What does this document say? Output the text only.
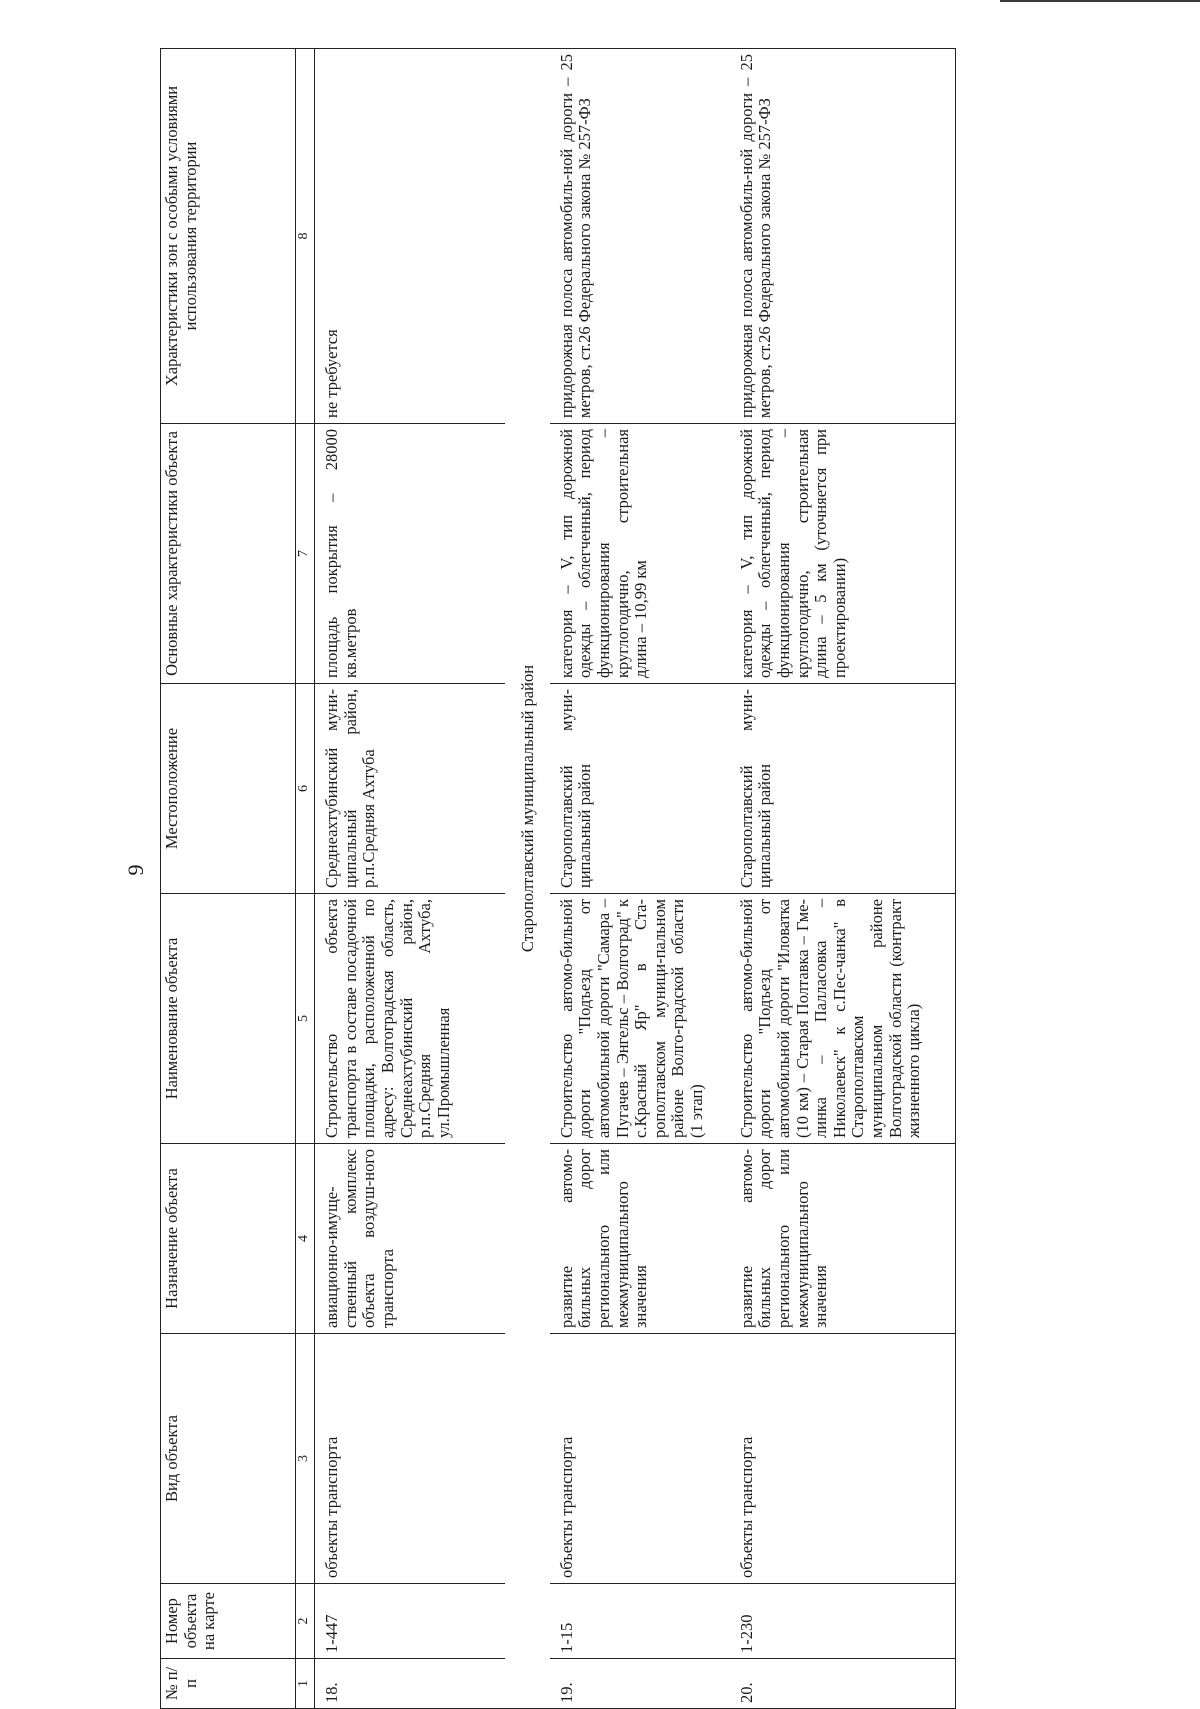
9
№ п/п	Номер объекта на карте	Вид объекта	Назначение объекта	Наименование объекта	Местоположение	Основные характеристики объекта	Характеристики зон с особыми условиями использования территории
1	2	3	4	5	6	7	8
18.	1-447	объекты транспорта	авиационно-имуще-ственный комплекс объекта воздуш-ного транспорта	Строительство объекта транспорта в составе посадочной площадки, расположенной по адресу: Волгоградская область, Среднеахтубинский район, р.п.Средняя Ахтуба, ул.Промышленная	Среднеахтубинский муни-ципальный район, р.п.Средняя Ахтуба	площадь покрытия – 28000 кв.метров	не требуется
Старополтавский муниципальный район							
19.	1-15	объекты транспорта	развитие автомо-бильных дорог регионального или межмуниципального значения	Строительство автомо-бильной дороги "Подъезд от автомобильной дороги "Самара – Пугачев – Энгельс – Волгоград" к с.Красный Яр" в Ста-рополтавском муници-пальном районе Волго-градской области (1 этап)	Старополтавский муни-ципальный район	категория – V, тип дорожной одежды – облегченный, период функционирования – круглогодично, строительная длина – 10,99 км	придорожная полоса автомобиль-ной дороги – 25 метров, ст.26 Федерального закона № 257-ФЗ
20.	1-230	объекты транспорта	развитие автомо-бильных дорог регионального или межмуниципального значения	Строительство автомо-бильной дороги "Подъезд от автомобильной дороги "Иловатка (10 км) – Старая Полтавка – Гме-линка – Палласовка – Николаевск" к с.Пес-чанка" в Старополтавском муниципальном районе Волгоградской области (контракт жизненного цикла)	Старополтавский муни-ципальный район	категория – V, тип дорожной одежды – облегченный, период функционирования – круглогодично, строительная длина – 5 км (уточняется при проектировании)	придорожная полоса автомобиль-ной дороги – 25 метров, ст.26 Федерального закона № 257-ФЗ
